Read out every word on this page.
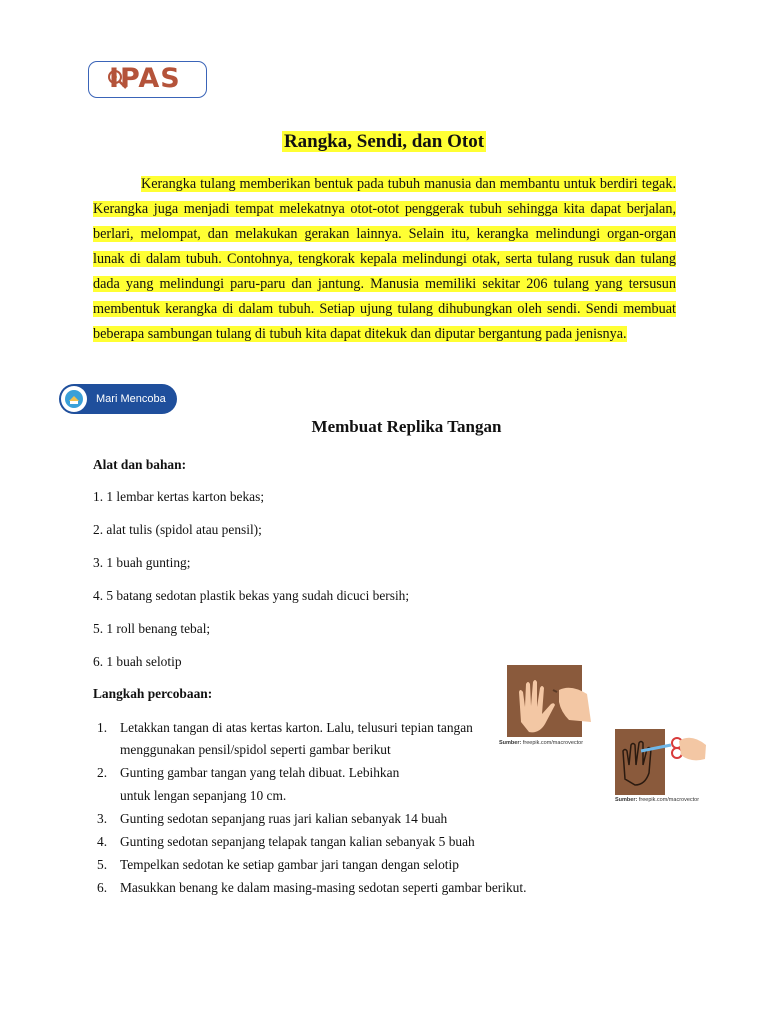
IPAS
Rangka, Sendi, dan Otot

Kerangka tulang memberikan bentuk pada tubuh manusia dan membantu untuk berdiri tegak. Kerangka juga menjadi tempat melekatnya otot-otot penggerak tubuh sehingga kita dapat berjalan, berlari, melompat, dan melakukan gerakan lainnya. Selain itu, kerangka melindungi organ-organ lunak di dalam tubuh. Contohnya, tengkorak kepala melindungi otak, serta tulang rusuk dan tulang dada yang melindungi paru-paru dan jantung. Manusia memiliki sekitar 206 tulang yang tersusun membentuk kerangka di dalam tubuh. Setiap ujung tulang dihubungkan oleh sendi. Sendi membuat beberapa sambungan tulang di tubuh kita dapat ditekuk dan diputar bergantung pada jenisnya.

Mari Mencoba
Membuat Replika Tangan
Alat dan bahan:
1. 1 lembar kertas karton bekas;
2. alat tulis (spidol atau pensil);
3. 1 buah gunting;
4. 5 batang sedotan plastik bekas yang sudah dicuci bersih;
5. 1 roll benang tebal;
6. 1 buah selotip
Langkah percobaan:
1. Letakkan tangan di atas kertas karton. Lalu, telusuri tepian tangan
menggunakan pensil/spidol seperti gambar berikut
2. Gunting gambar tangan yang telah dibuat. Lebihkan
untuk lengan sepanjang 10 cm.
3. Gunting sedotan sepanjang ruas jari kalian sebanyak 14 buah
4. Gunting sedotan sepanjang telapak tangan kalian sebanyak 5 buah
5. Tempelkan sedotan ke setiap gambar jari tangan dengan selotip
6. Masukkan benang ke dalam masing-masing sedotan seperti gambar berikut.
Sumber: freepik.com/macrovector
Sumber: freepik.com/macrovector
